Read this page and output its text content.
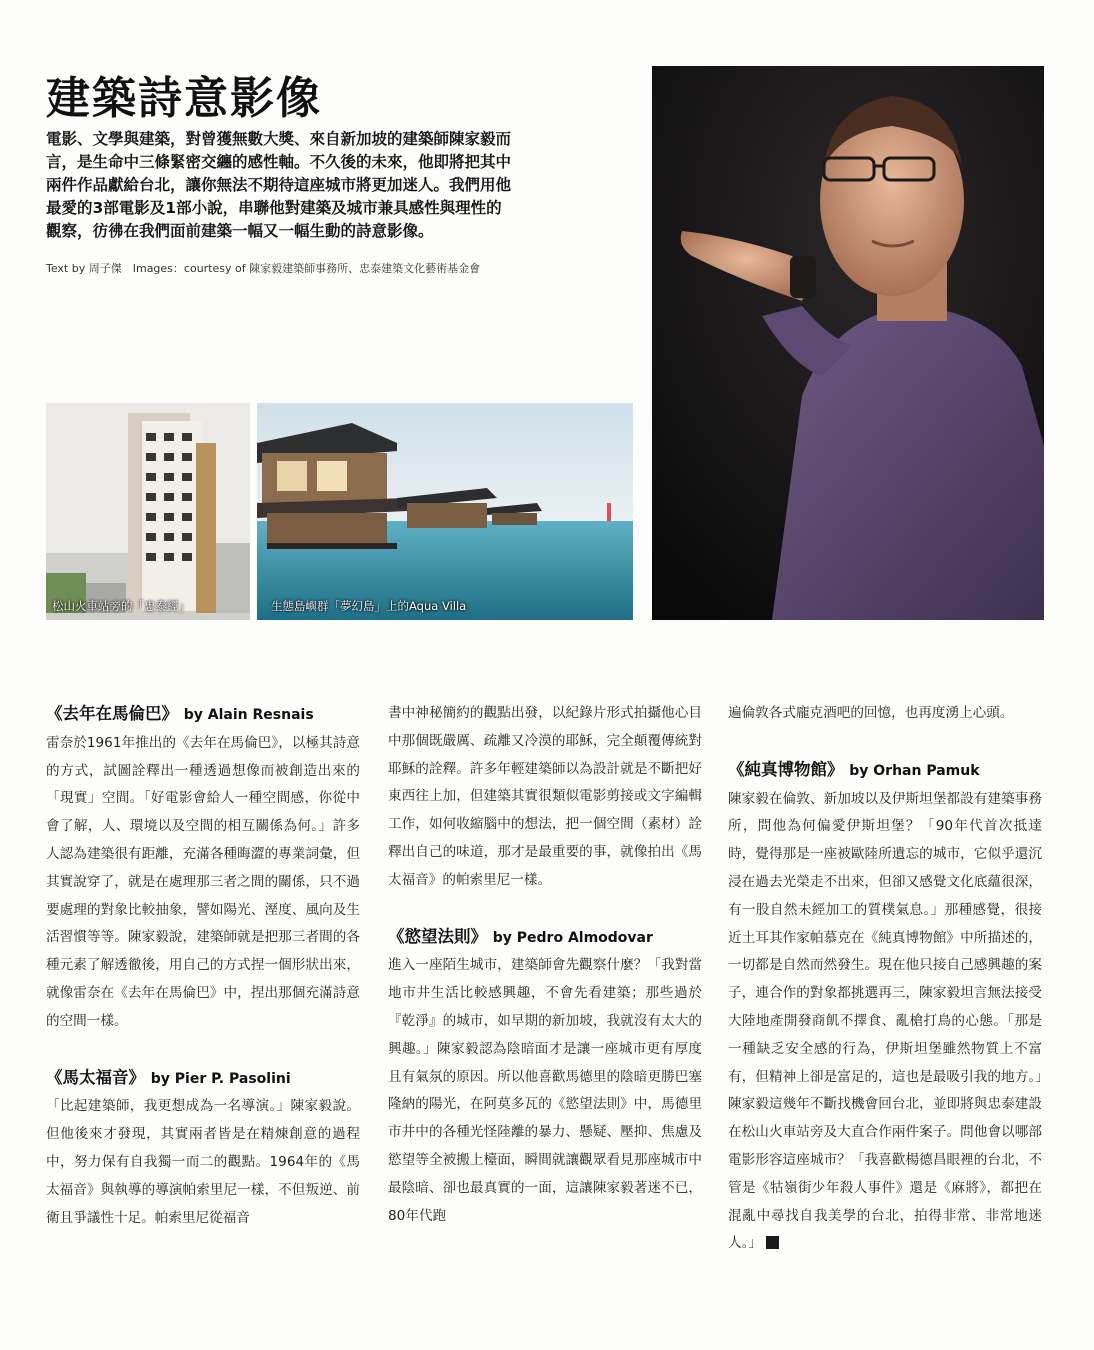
建築詩意影像

電影、文學與建築，對曾獲無數大獎、來自新加坡的建築師陳家毅而言，是生命中三條緊密交纏的感性軸。不久後的未來，他即將把其中兩件作品獻給台北，讓你無法不期待這座城市將更加迷人。我們用他最愛的3部電影及1部小說，串聯他對建築及城市兼具感性與理性的觀察，彷彿在我們面前建築一幅又一幅生動的詩意影像。

Text by 周子傑　Images：courtesy of 陳家毅建築師事務所、忠泰建築文化藝術基金會

松山火車站旁的「忠泰經」	生態島嶼群「夢幻島」上的Aqua Villa
《去年在馬倫巴》 by Alain Resnais

雷奈於1961年推出的《去年在馬倫巴》，以極其詩意的方式，試圖詮釋出一種透過想像而被創造出來的「現實」空間。「好電影會給人一種空間感，你從中會了解，人、環境以及空間的相互關係為何。」許多人認為建築很有距離，充滿各種晦澀的專業詞彙，但其實說穿了，就是在處理那三者之間的關係，只不過要處理的對象比較抽象，譬如陽光、溼度、風向及生活習慣等等。陳家毅說，建築師就是把那三者間的各種元素了解透徹後，用自己的方式捏一個形狀出來，就像雷奈在《去年在馬倫巴》中，捏出那個充滿詩意的空間一樣。

《馬太福音》 by Pier P. Pasolini

「比起建築師，我更想成為一名導演。」陳家毅說。但他後來才發現，其實兩者皆是在精煉創意的過程中，努力保有自我獨一而二的觀點。1964年的《馬太福音》與執導的導演帕索里尼一樣，不但叛逆、前衛且爭議性十足。帕索里尼從福音

書中神秘簡約的觀點出發，以紀錄片形式拍攝他心目中那個既嚴厲、疏離又冷漠的耶穌，完全顛覆傳統對耶穌的詮釋。許多年輕建築師以為設計就是不斷把好東西往上加，但建築其實很類似電影剪接或文字編輯工作，如何收縮腦中的想法，把一個空間（素材）詮釋出自己的味道，那才是最重要的事，就像拍出《馬太福音》的帕索里尼一樣。

《慾望法則》 by Pedro Almodovar

進入一座陌生城市，建築師會先觀察什麼？「我對當地市井生活比較感興趣，不會先看建築；那些過於『乾淨』的城市，如早期的新加坡，我就沒有太大的興趣。」陳家毅認為陰暗面才是讓一座城市更有厚度且有氣氛的原因。所以他喜歡馬德里的陰暗更勝巴塞隆納的陽光，在阿莫多瓦的《慾望法則》中，馬德里市井中的各種光怪陸離的暴力、懸疑、壓抑、焦慮及慾望等全被搬上檯面，瞬間就讓觀眾看見那座城市中最陰暗、卻也最真實的一面，這讓陳家毅著迷不已，80年代跑

遍倫敦各式龐克酒吧的回憶，也再度湧上心頭。

《純真博物館》 by Orhan Pamuk

陳家毅在倫敦、新加坡以及伊斯坦堡都設有建築事務所，問他為何偏愛伊斯坦堡？「90年代首次抵達時，覺得那是一座被歐陸所遺忘的城市，它似乎還沉浸在過去光榮走不出來，但卻又感覺文化底蘊很深，有一股自然未經加工的質樸氣息。」那種感覺，很接近土耳其作家帕慕克在《純真博物館》中所描述的，一切都是自然而然發生。現在他只接自己感興趣的案子，連合作的對象都挑選再三，陳家毅坦言無法接受大陸地產開發商飢不擇食、亂槍打鳥的心態。「那是一種缺乏安全感的行為，伊斯坦堡雖然物質上不富有，但精神上卻是富足的，這也是最吸引我的地方。」陳家毅這幾年不斷找機會回台北，並即將與忠泰建設在松山火車站旁及大直合作兩件案子。問他會以哪部電影形容這座城市？「我喜歡楊德昌眼裡的台北，不管是《牯嶺街少年殺人事件》還是《麻將》，都把在混亂中尋找自我美學的台北，拍得非常、非常地迷人。」
